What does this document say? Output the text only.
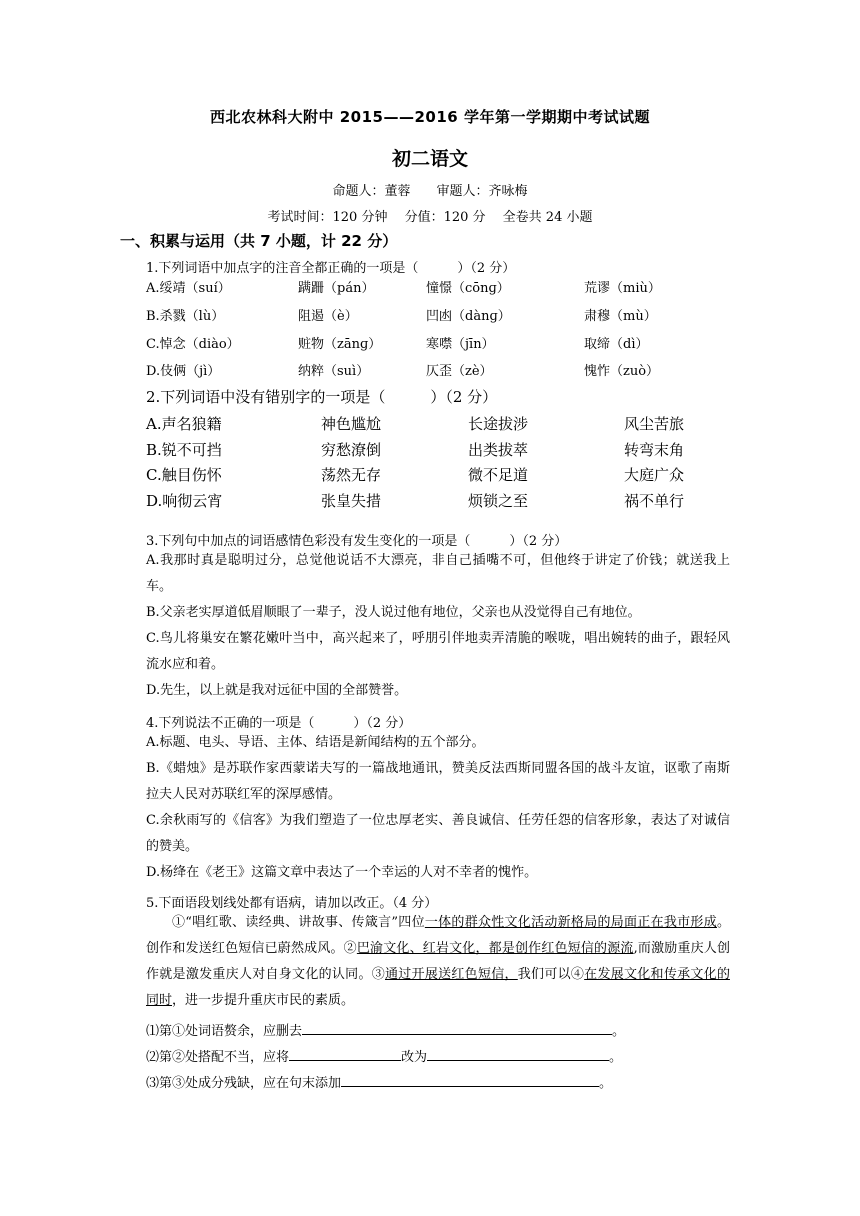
西北农林科大附中 2015——2016 学年第一学期期中考试试题
初二语文
命题人：董蓉　　审题人：齐咏梅
考试时间：120 分钟　 分值：120 分　 全卷共 24 小题
一、积累与运用（共 7 小题，计 22 分）
1.下列词语中加点字的注音全都正确的一项是（　　　）（2 分）
A.绥靖（suí）	蹒跚（pán）	憧憬（cōnɡ）	荒谬（miù）
B.杀戮（lù）	阻遏（è）	凹凼（dànɡ）	肃穆（mù）
C.悼念（diào）	赃物（zānɡ）	寒噤（jīn）	取缔（dì）
D.伎俩（jì）	纳粹（suì）	仄歪（zè）	愧怍（zuò）
2.下列词语中没有错别字的一项是（　　　）（2 分）
A.声名狼籍	神色尴尬	长途拔涉	风尘苦旅
B.锐不可挡	穷愁潦倒	出类拔萃	转弯末角
C.触目伤怀	荡然无存	微不足道	大庭广众
D.响彻云宵	张皇失措	烦锁之至	祸不单行
3.下列句中加点的词语感情色彩没有发生变化的一项是（　　　）（2 分）
A.我那时真是聪明过分，总觉他说话不大漂亮，非自己插嘴不可，但他终于讲定了价钱；就送我上车。
B.父亲老实厚道低眉顺眼了一辈子，没人说过他有地位，父亲也从没觉得自己有地位。
C.鸟儿将巢安在繁花嫩叶当中，高兴起来了，呼朋引伴地卖弄清脆的喉咙，唱出婉转的曲子，跟轻风流水应和着。
D.先生，以上就是我对远征中国的全部赞誉。
4.下列说法不正确的一项是（　　　）（2 分）
A.标题、电头、导语、主体、结语是新闻结构的五个部分。
B.《蜡烛》是苏联作家西蒙诺夫写的一篇战地通讯，赞美反法西斯同盟各国的战斗友谊，讴歌了南斯拉夫人民对苏联红军的深厚感情。
C.余秋雨写的《信客》为我们塑造了一位忠厚老实、善良诚信、任劳任怨的信客形象，表达了对诚信的赞美。
D.杨绛在《老王》这篇文章中表达了一个幸运的人对不幸者的愧怍。
5.下面语段划线处都有语病，请加以改正。（4 分）
①“唱红歌、读经典、讲故事、传箴言”四位一体的群众性文化活动新格局的局面正在我市形成。创作和发送红色短信已蔚然成风。②巴渝文化、红岩文化，都是创作红色短信的源流,而激励重庆人创作就是激发重庆人对自身文化的认同。③通过开展送红色短信，我们可以④在发展文化和传承文化的同时，进一步提升重庆市民的素质。
⑴第①处词语赘余，应删去	。
⑵第②处搭配不当，应将	改为	。
⑶第③处成分残缺，应在句末添加	。
